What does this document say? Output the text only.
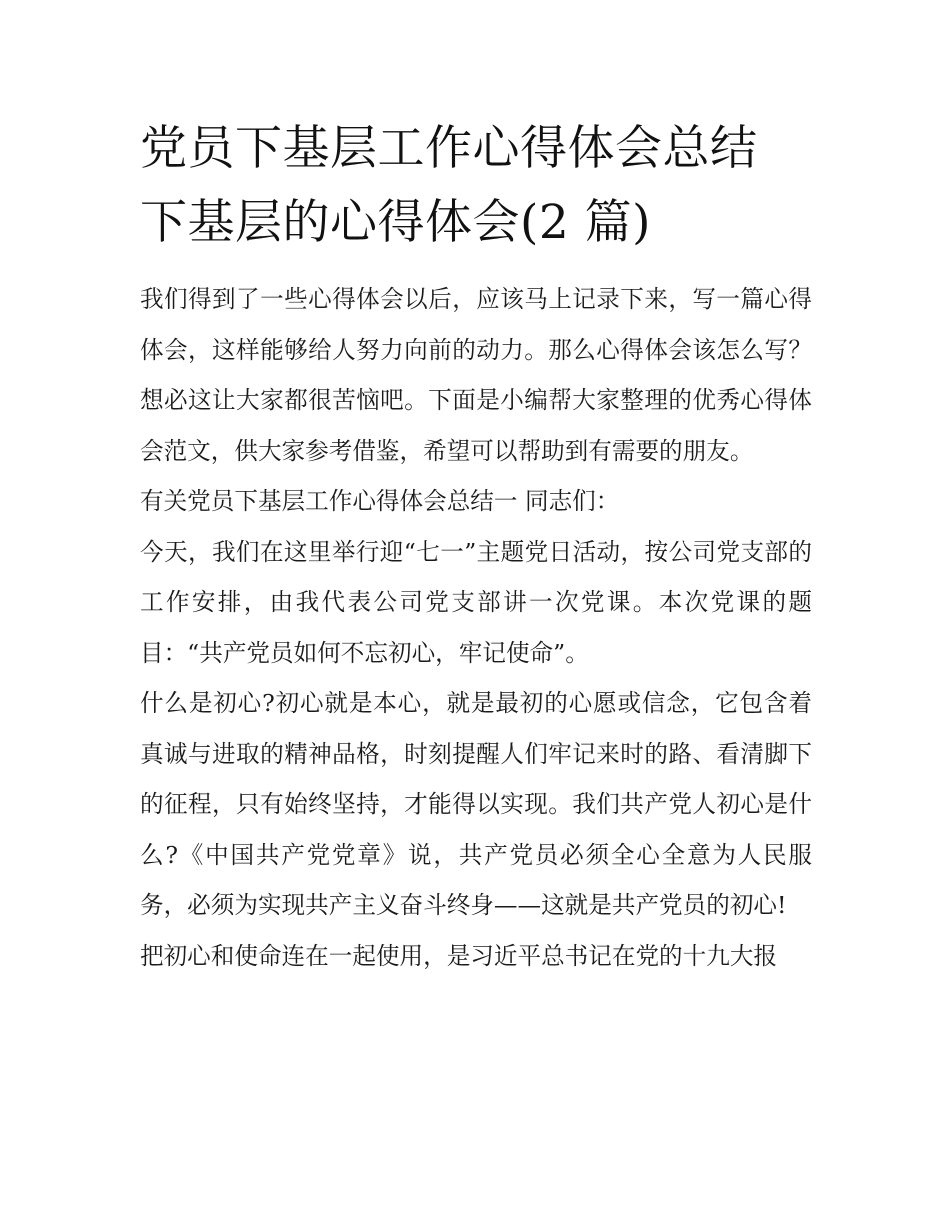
党员下基层工作心得体会总结
下基层的心得体会(2 篇)

我们得到了一些心得体会以后，应该马上记录下来，写一篇心得体会，这样能够给人努力向前的动力。那么心得体会该怎么写？想必这让大家都很苦恼吧。下面是小编帮大家整理的优秀心得体会范文，供大家参考借鉴，希望可以帮助到有需要的朋友。

有关党员下基层工作心得体会总结一 同志们：

今天，我们在这里举行迎“七一”主题党日活动，按公司党支部的工作安排，由我代表公司党支部讲一次党课。本次党课的题目：“共产党员如何不忘初心，牢记使命”。

什么是初心?初心就是本心，就是最初的心愿或信念，它包含着真诚与进取的精神品格，时刻提醒人们牢记来时的路、看清脚下的征程，只有始终坚持，才能得以实现。我们共产党人初心是什么?《中国共产党党章》说，共产党员必须全心全意为人民服务，必须为实现共产主义奋斗终身——这就是共产党员的初心!

把初心和使命连在一起使用，是习近平总书记在党的十九大报
